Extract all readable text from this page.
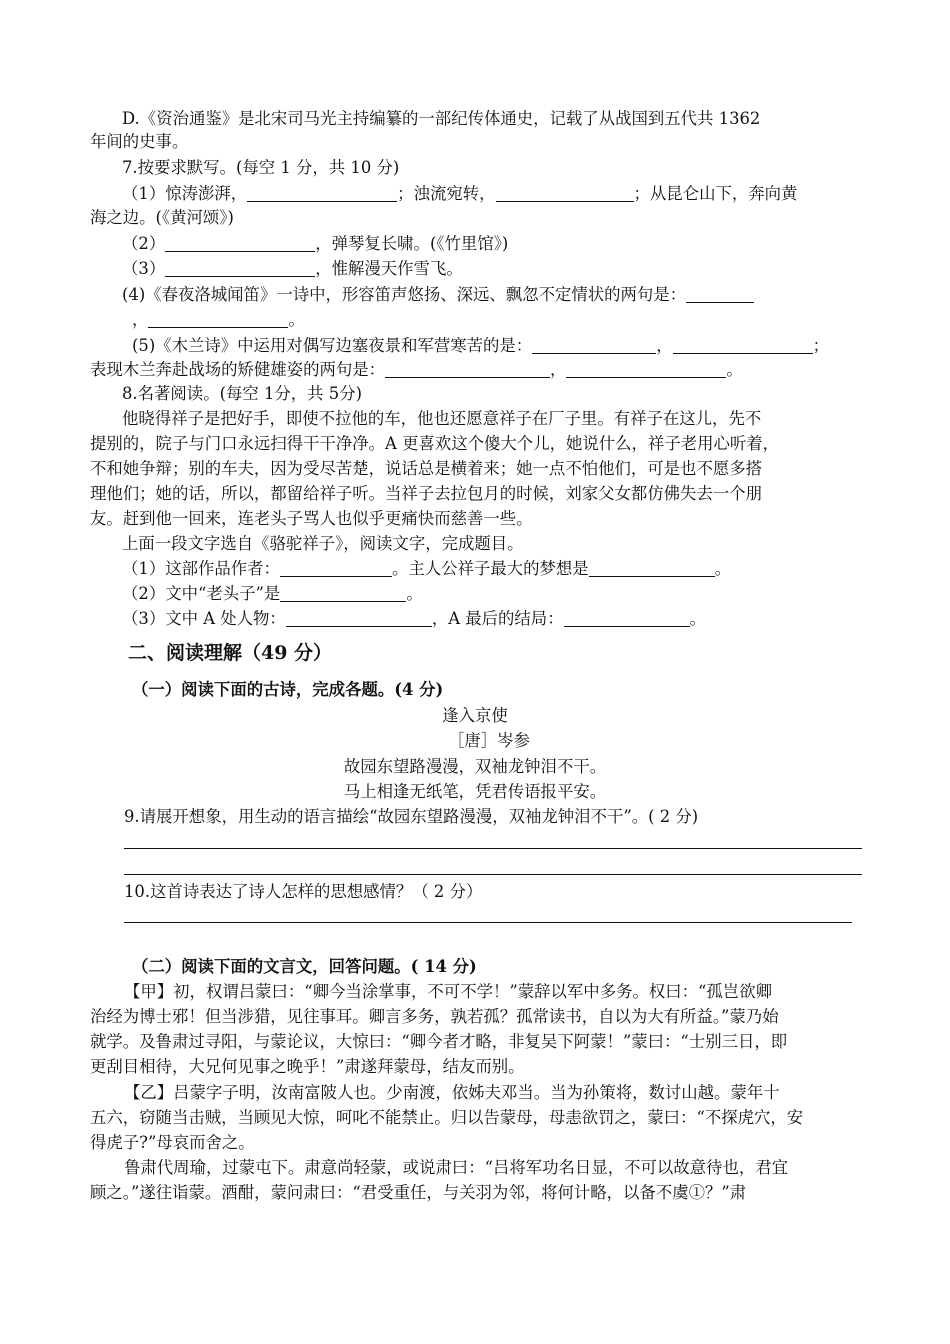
D.《资治通鉴》是北宋司马光主持编纂的一部纪传体通史，记载了从战国到五代共 1362
年间的史事。
7.按要求默写。(每空 1 分，共 10 分)
（1）惊涛澎湃，	；浊流宛转，	；从昆仑山下，奔向黄
海之边。(《黄河颂》)
（2）	，弹琴复长啸。(《竹里馆》)
（3）	，惟解漫天作雪飞。
(4)《春夜洛城闻笛》一诗中，形容笛声悠扬、深远、飘忽不定情状的两句是：
，	。
(5)《木兰诗》中运用对偶写边塞夜景和军营寒苦的是：	，	；
表现木兰奔赴战场的矫健雄姿的两句是：	，	。
8.名著阅读。(每空 1分，共 5分)
他晓得祥子是把好手，即使不拉他的车，他也还愿意祥子在厂子里。有祥子在这儿，先不
提别的，院子与门口永远扫得干干净净。A 更喜欢这个傻大个儿，她说什么，祥子老用心听着，
不和她争辩；别的车夫，因为受尽苦楚，说话总是横着来；她一点不怕他们，可是也不愿多搭
理他们；她的话，所以，都留给祥子听。当祥子去拉包月的时候，刘家父女都仿佛失去一个朋
友。赶到他一回来，连老头子骂人也似乎更痛快而慈善一些。
上面一段文字选自《骆驼祥子》，阅读文字，完成题目。
（1）这部作品作者：	。主人公祥子最大的梦想是	。
（2）文中“老头子”是	。
（3）文中 A 处人物：	，A 最后的结局：	。
二、阅读理解（49 分）
（一）阅读下面的古诗，完成各题。(4 分)
逢入京使
［唐］岑参
故园东望路漫漫，双袖龙钟泪不干。
马上相逢无纸笔，凭君传语报平安。
9.请展开想象，用生动的语言描绘“故园东望路漫漫，双袖龙钟泪不干”。( 2 分)
10.这首诗表达了诗人怎样的思想感情？（ 2 分）
（二）阅读下面的文言文，回答问题。( 14 分)
【甲】初，权谓吕蒙曰：“卿今当涂掌事，不可不学！”蒙辞以军中多务。权曰：“孤岂欲卿
治经为博士邪！但当涉猎，见往事耳。卿言多务，孰若孤？孤常读书，自以为大有所益。”蒙乃始
就学。及鲁肃过寻阳，与蒙论议，大惊曰：“卿今者才略，非复吴下阿蒙！”蒙曰：“士别三日，即
更刮目相待，大兄何见事之晚乎！”肃遂拜蒙母，结友而别。
【乙】吕蒙字子明，汝南富陂人也。少南渡，依姊夫邓当。当为孙策将，数讨山越。蒙年十
五六，窃随当击贼，当顾见大惊，呵叱不能禁止。归以告蒙母，母恚欲罚之，蒙曰：“不探虎穴，安
得虎子?”母哀而舍之。
鲁肃代周瑜，过蒙屯下。肃意尚轻蒙，或说肃曰：“吕将军功名日显，不可以故意待也，君宜
顾之。”遂往诣蒙。酒酣，蒙问肃曰：“君受重任，与关羽为邻，将何计略，以备不虞①？”肃
